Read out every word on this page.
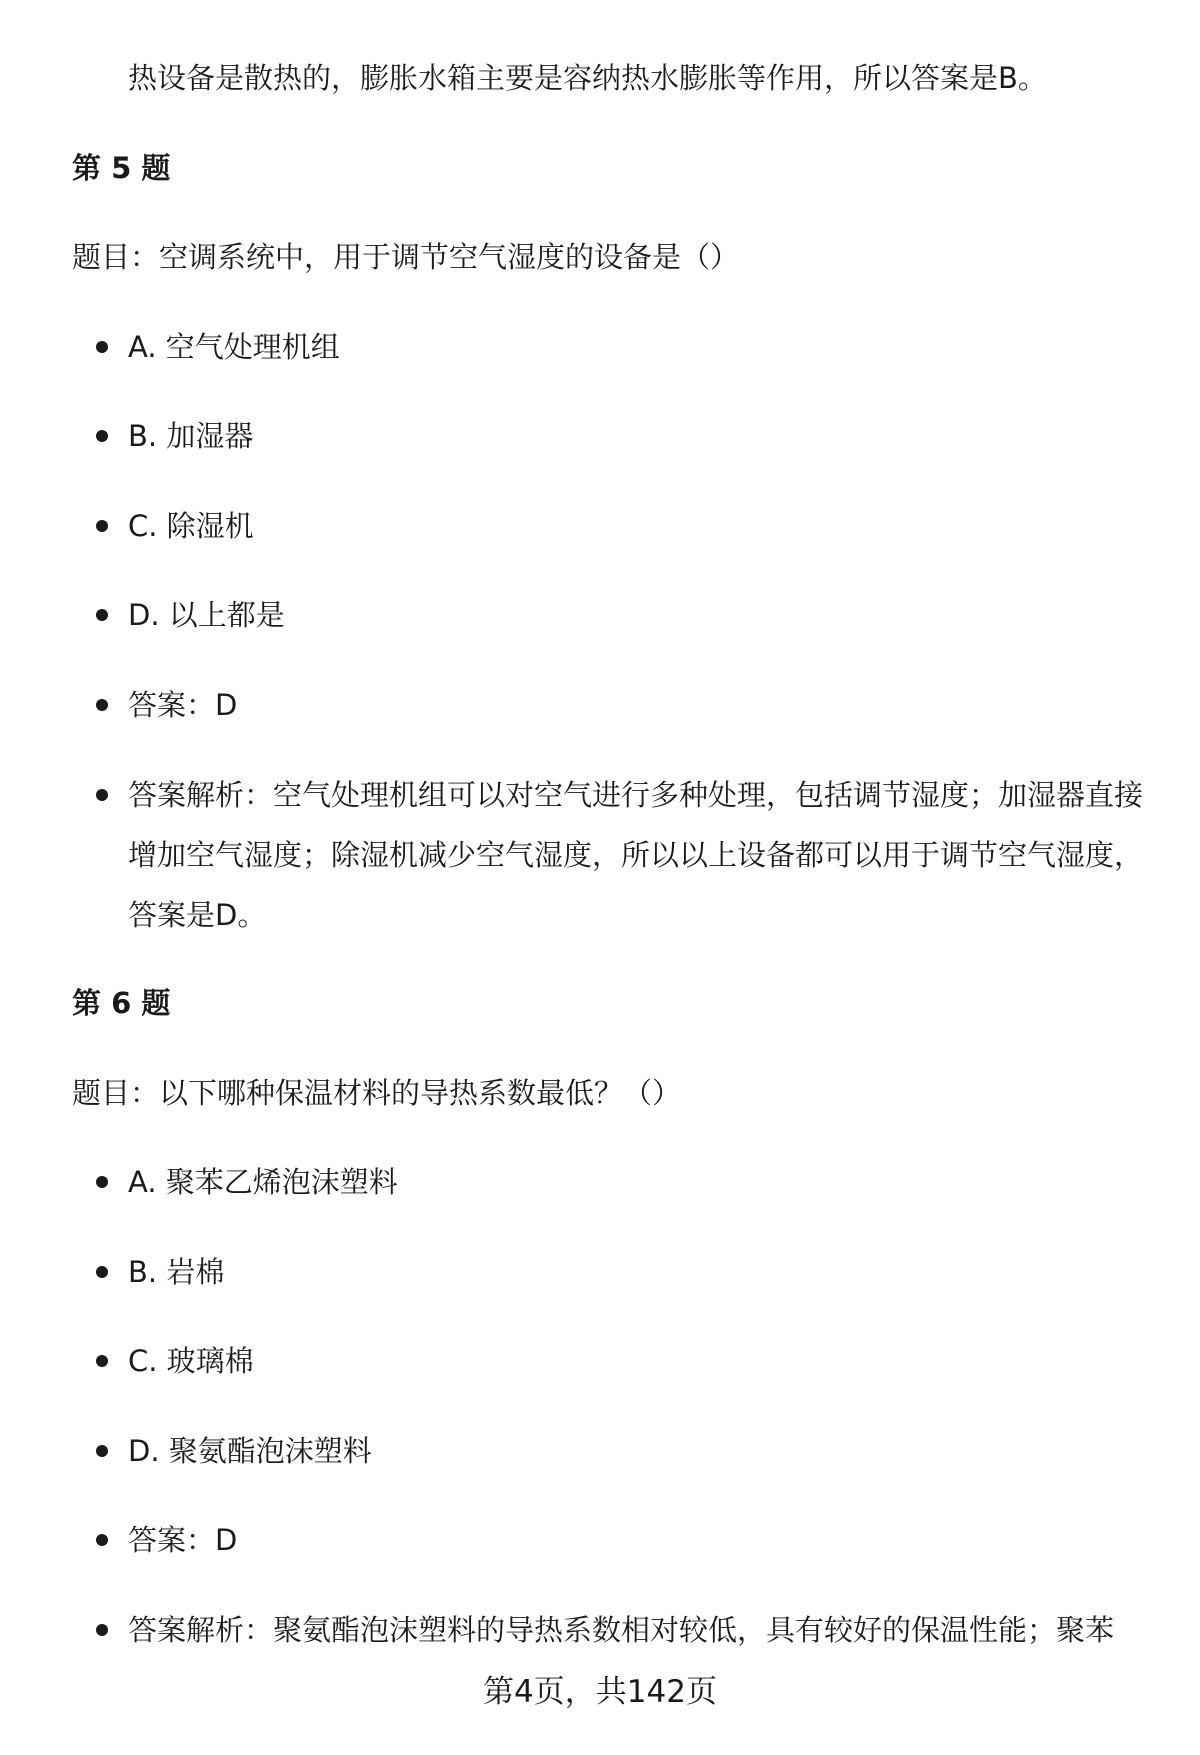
热设备是散热的，膨胀水箱主要是容纳热水膨胀等作用，所以答案是B。
第 5 题
题目：空调系统中，用于调节空气湿度的设备是（）
A. 空气处理机组
B. 加湿器
C. 除湿机
D. 以上都是
答案：D
答案解析：空气处理机组可以对空气进行多种处理，包括调节湿度；加湿器直接增加空气湿度；除湿机减少空气湿度，所以以上设备都可以用于调节空气湿度，答案是D。
第 6 题
题目：以下哪种保温材料的导热系数最低？（）
A. 聚苯乙烯泡沫塑料
B. 岩棉
C. 玻璃棉
D. 聚氨酯泡沫塑料
答案：D
答案解析：聚氨酯泡沫塑料的导热系数相对较低，具有较好的保温性能；聚苯
第4页，共142页
